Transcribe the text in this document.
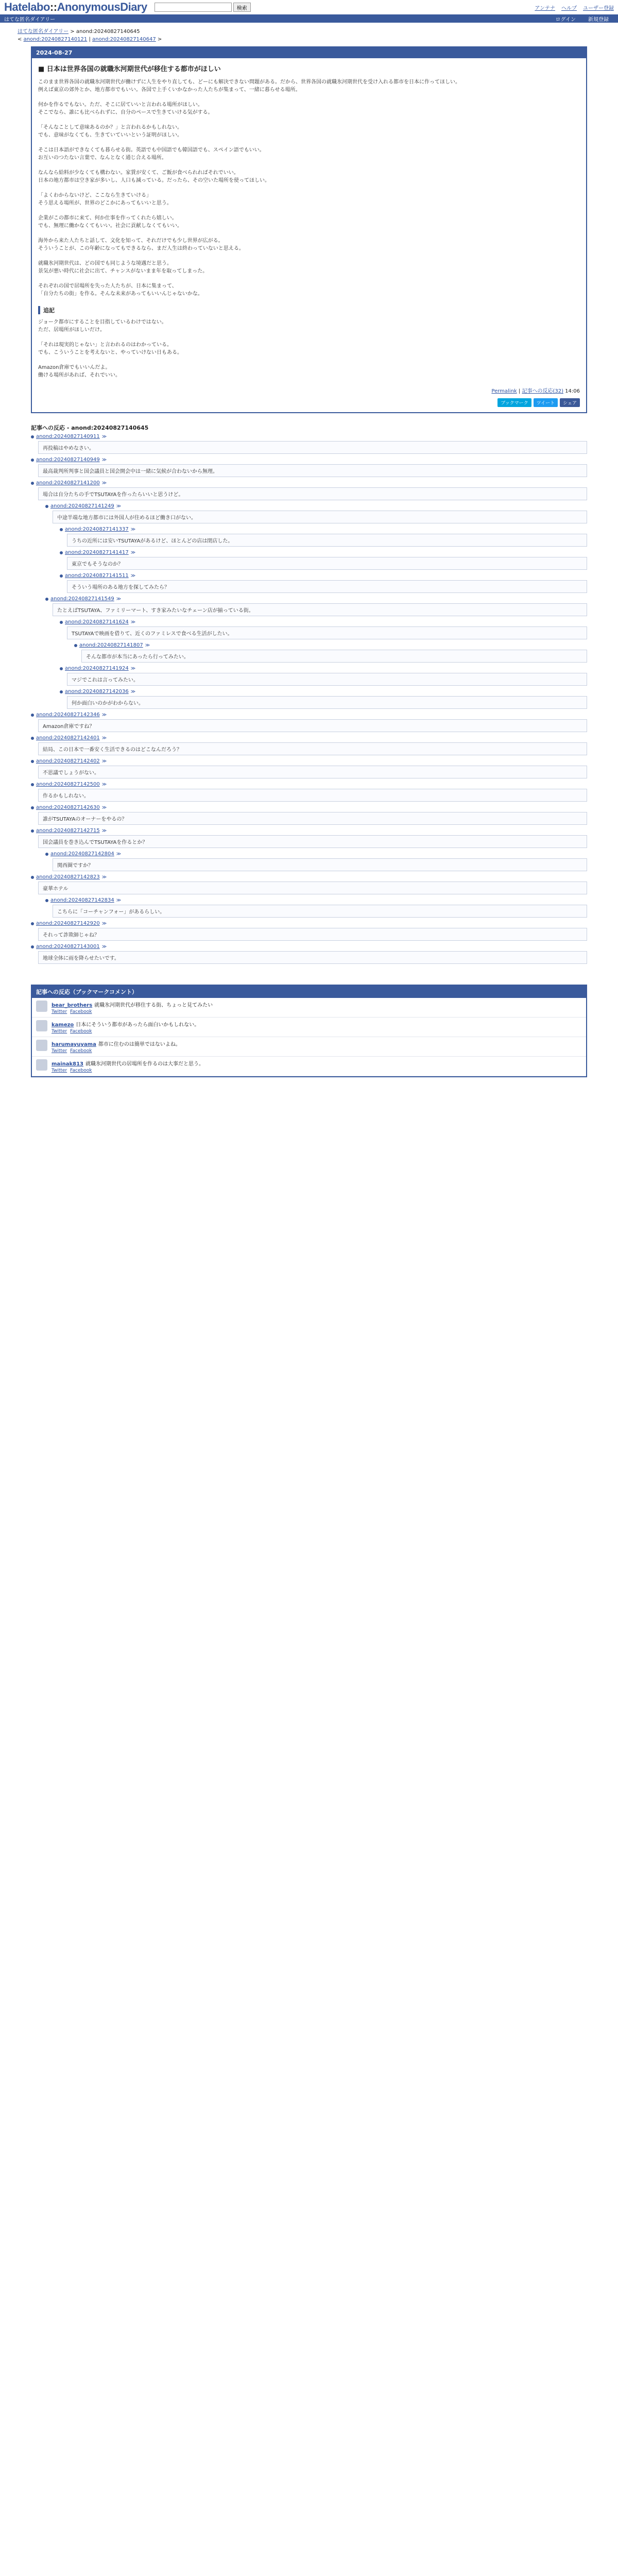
Hatelabo::AnonymousDiary	検索	アンテナ ヘルプ ユーザー登録
はてな匿名ダイアリー	ログイン 新規登録
はてな匿名ダイアリー > anond:20240827140645
< anond:20240827140121 | anond:20240827140647 >
2024-08-27
■ 日本は世界各国の就職氷河期世代が移住する都市がほしい
このまま世界各国の就職氷河期世代が働けずに人生をやり直しても、どーにも解決できない問題がある。だから、世界各国の就職氷河期世代を受け入れる都市を日本に作ってほしい。
例えば東京の郊外とか、地方都市でもいい。各国で上手くいかなかった人たちが集まって、一緒に暮らせる場所。
何かを作るでもない。ただ、そこに居ていいと言われる場所がほしい。
そこでなら、誰にも比べられずに、自分のペースで生きていける気がする。
「そんなことして意味あるのか？」と言われるかもしれない。
でも、意味がなくても、生きていていいという証明がほしい。
そこは日本語ができなくても暮らせる街。英語でも中国語でも韓国語でも、スペイン語でもいい。
お互いのつたない言葉で、なんとなく通じ合える場所。
なんなら給料が少なくても構わない。家賃が安くて、ご飯が食べられればそれでいい。
日本の地方都市は空き家が多いし、人口も減っている。だったら、その空いた場所を使ってほしい。
「よくわからないけど、ここなら生きていける」
そう思える場所が、世界のどこかにあってもいいと思う。
企業がこの都市に来て、何か仕事を作ってくれたら嬉しい。
でも、無理に働かなくてもいい。社会に貢献しなくてもいい。
海外から来た人たちと話して、文化を知って、それだけでも少し世界が広がる。
そういうことが、この年齢になってもできるなら、まだ人生は終わっていないと思える。
就職氷河期世代は、どの国でも同じような境遇だと思う。
景気が悪い時代に社会に出て、チャンスがないまま年を取ってしまった。
それぞれの国で居場所を失った人たちが、日本に集まって、
「自分たちの街」を作る。そんな未来があってもいいんじゃないかな。
追記
ジョーク都市にすることを目指しているわけではない。
ただ、居場所がほしいだけ。
「それは現実的じゃない」と言われるのはわかっている。
でも、こういうことを考えないと、やっていけない日もある。
Amazon倉庫でもいいんだよ。
働ける場所があれば、それでいい。
Permalink | 記事への反応(32) 14:06
ブックマーク	ツイート	シェア
記事への反応 - anond:20240827140645
anond:20240827140911 ≫
再投稿はやめなさい。
anond:20240827140949 ≫
最高裁判所判事と国会議員と国会開会中は一緒に気候が合わないから無理。
anond:20240827141200 ≫
場合は自分たちの手でTSUTAYAを作ったらいいと思うけど。
anond:20240827141249 ≫
中途半端な地方都市には外国人が住めるほど働き口がない。
anond:20240827141337 ≫
うちの近所には安いTSUTAYAがあるけど、ほとんどの店は閉店した。
anond:20240827141417 ≫
東京でもそうなのか？
anond:20240827141511 ≫
そういう場所のある地方を探してみたら？
anond:20240827141549 ≫
たとえばTSUTAYA、ファミリーマート、すき家みたいなチェーン店が揃っている街。
anond:20240827141624 ≫
TSUTAYAで映画を借りて、近くのファミレスで食べる生活がしたい。
anond:20240827141807 ≫
そんな都市が本当にあったら行ってみたい。
anond:20240827141924 ≫
マジでこれは言ってみたい。
anond:20240827142036 ≫
何か面白いのかがわからない。
anond:20240827142346 ≫
Amazon倉庫ですね？
anond:20240827142401 ≫
結局、この日本で一番安く生活できるのはどこなんだろう？
anond:20240827142402 ≫
不思議でしょうがない。
anond:20240827142500 ≫
作るかもしれない。
anond:20240827142630 ≫
誰がTSUTAYAのオーナーをやるの？
anond:20240827142715 ≫
国会議員を巻き込んでTSUTAYAを作るとか？
anond:20240827142804 ≫
関西圏ですか？
anond:20240827142823 ≫
豪華ホテル
anond:20240827142834 ≫
こちらに「コーチャンフォー」があるらしい。
anond:20240827142920 ≫
それって詐欺師じゃね？
anond:20240827143001 ≫
地球全体に雨を降らせたいです。
記事への反応（ブックマークコメント）
bear_brothers 就職氷河期世代が移住する街、ちょっと見てみたい
Twitter Facebook
kamezo 日本にそういう都市があったら面白いかもしれない。
Twitter Facebook
harumayuyama 都市に住むのは簡単ではないよね。
Twitter Facebook
mainak813 就職氷河期世代の居場所を作るのは大事だと思う。
Twitter Facebook
